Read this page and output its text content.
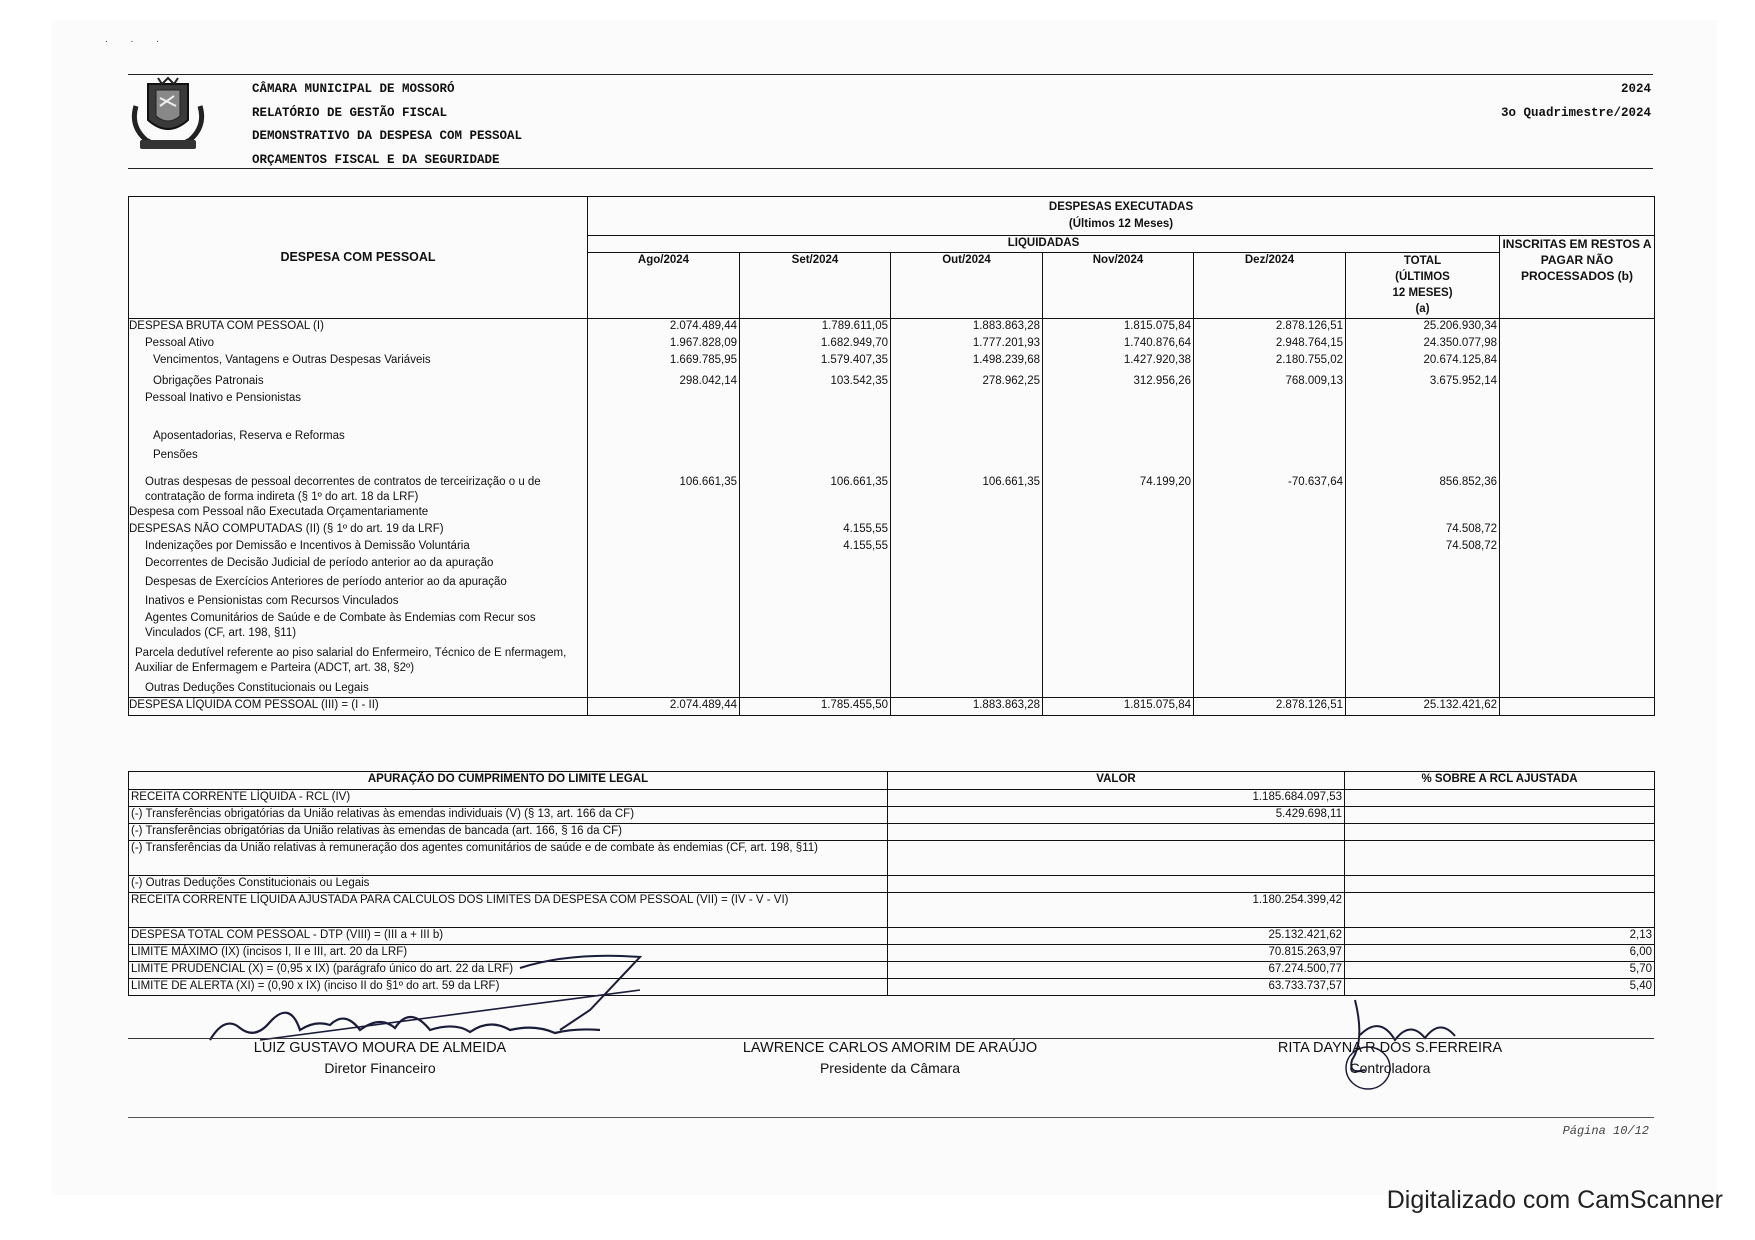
. . .
CÂMARA MUNICIPAL DE MOSSORÓ
RELATÓRIO DE GESTÃO FISCAL
DEMONSTRATIVO DA DESPESA COM PESSOAL
ORÇAMENTOS FISCAL E DA SEGURIDADE
2024
3o Quadrimestre/2024
DESPESA COM PESSOAL	DESPESAS EXECUTADAS
(Últimos 12 Meses)						

	LIQUIDADAS						INSCRITAS EM RESTOS A PAGAR NÃO PROCESSADOS (b)
	Ago/2024	Set/2024	Out/2024	Nov/2024	Dez/2024	TOTAL
(ÚLTIMOS
12 MESES)
(a)	

DESPESA BRUTA COM PESSOAL (I)	2.074.489,44	1.789.611,05	1.883.863,28	1.815.075,84	2.878.126,51	25.206.930,34	
Pessoal Ativo	1.967.828,09	1.682.949,70	1.777.201,93	1.740.876,64	2.948.764,15	24.350.077,98	
Vencimentos, Vantagens e Outras Despesas Variáveis	1.669.785,95	1.579.407,35	1.498.239,68	1.427.920,38	2.180.755,02	20.674.125,84	
Obrigações Patronais	298.042,14	103.542,35	278.962,25	312.956,26	768.009,13	3.675.952,14	
Pessoal Inativo e Pensionistas							
Aposentadorias, Reserva e Reformas							
Pensões							
Outras despesas de pessoal decorrentes de contratos de terceirização o u de contratação de forma indireta (§ 1º do art. 18 da LRF)	106.661,35	106.661,35	106.661,35	74.199,20	-70.637,64	856.852,36	
Despesa com Pessoal não Executada Orçamentariamente							
DESPESAS NÃO COMPUTADAS (II) (§ 1º do art. 19 da LRF)		4.155,55				74.508,72	
Indenizações por Demissão e Incentivos à Demissão Voluntária		4.155,55				74.508,72	
Decorrentes de Decisão Judicial de período anterior ao da apuração							
Despesas de Exercícios Anteriores de período anterior ao da apuração							
Inativos e Pensionistas com Recursos Vinculados							
Agentes Comunitários de Saúde e de Combate às Endemias com Recur sos Vinculados (CF, art. 198, §11)							
Parcela dedutível referente ao piso salarial do Enfermeiro, Técnico de E nfermagem, Auxiliar de Enfermagem e Parteira (ADCT, art. 38, §2º)							
Outras Deduções Constitucionais ou Legais							
DESPESA LÍQUIDA COM PESSOAL (III) = (I - II)	2.074.489,44	1.785.455,50	1.883.863,28	1.815.075,84	2.878.126,51	25.132.421,62	
APURAÇÃO DO CUMPRIMENTO DO LIMITE LEGAL	VALOR	% SOBRE A RCL AJUSTADA
RECEITA CORRENTE LÍQUIDA - RCL (IV)	1.185.684.097,53	
(-) Transferências obrigatórias da União relativas às emendas individuais (V) (§ 13, art. 166 da CF)	5.429.698,11	
(-) Transferências obrigatórias da União relativas às emendas de bancada (art. 166, § 16 da CF)		
(-) Transferências da União relativas à remuneração dos agentes comunitários de saúde e de combate às endemias (CF, art. 198, §11)		
(-) Outras Deduções Constitucionais ou Legais		
RECEITA CORRENTE LÍQUIDA AJUSTADA PARA CALCULOS DOS LIMITES DA DESPESA COM PESSOAL (VII) = (IV - V - VI)	1.180.254.399,42	
DESPESA TOTAL COM PESSOAL - DTP (VIII) = (III a + III b)	25.132.421,62	2,13
LIMITE MÁXIMO (IX) (incisos I, II e III, art. 20 da LRF)	70.815.263,97	6,00
LIMITE PRUDENCIAL (X) = (0,95 x IX) (parágrafo único do art. 22 da LRF)	67.274.500,77	5,70
LIMITE DE ALERTA (XI) = (0,90 x IX) (inciso II do §1º do art. 59 da LRF)	63.733.737,57	5,40
LUIZ GUSTAVO MOURA DE ALMEIDA
Diretor Financeiro
LAWRENCE CARLOS AMORIM DE ARAÚJO
Presidente da Câmara
RITA DAYNA R DOS S.FERREIRA
Controladora
Página 10/12
Digitalizado com CamScanner
